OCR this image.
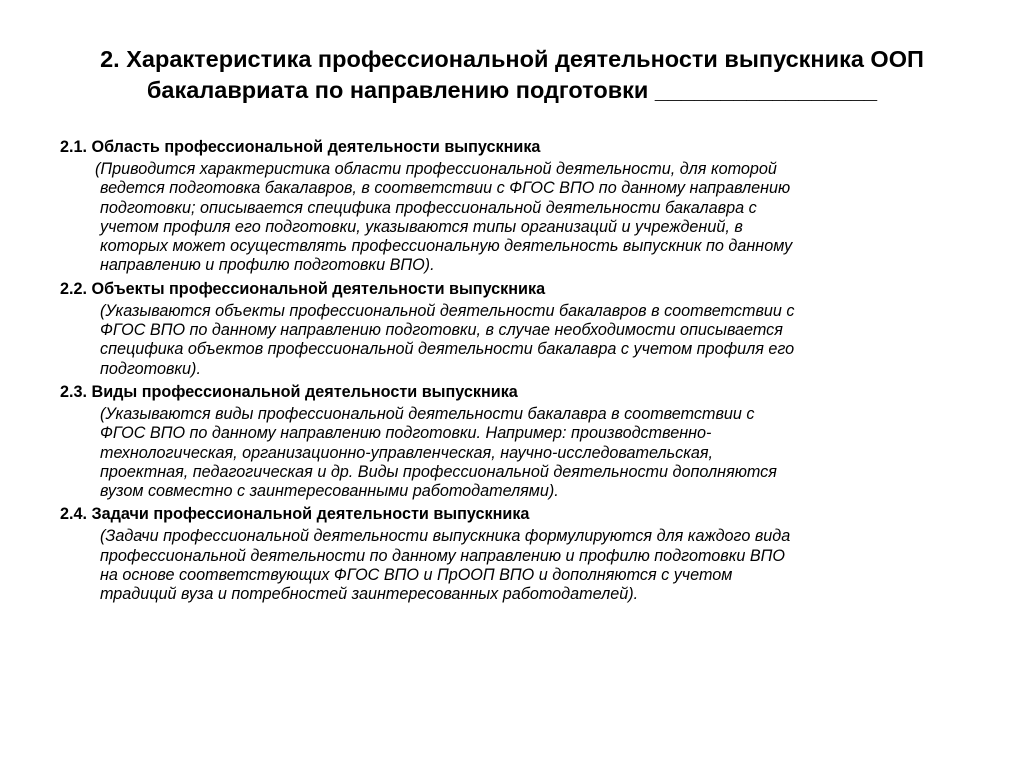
2. Характеристика профессиональной деятельности выпускника ООП
бакалавриата по направлению подготовки _________________

2.1. Область профессиональной деятельности выпускника

(Приводится характеристика области профессиональной деятельности, для которой
ведется подготовка бакалавров, в соответствии с ФГОС ВПО по данному направлению
подготовки; описывается специфика профессиональной деятельности бакалавра с
учетом профиля его подготовки, указываются типы организаций и учреждений, в
которых может осуществлять профессиональную деятельность выпускник по данному
направлению и профилю подготовки ВПО).

2.2. Объекты профессиональной деятельности выпускника

(Указываются объекты профессиональной деятельности бакалавров в соответствии с
ФГОС ВПО по данному направлению подготовки, в случае необходимости описывается
специфика объектов профессиональной деятельности бакалавра с учетом профиля его
подготовки).

2.3. Виды профессиональной деятельности выпускника

(Указываются виды профессиональной деятельности бакалавра в соответствии с
ФГОС ВПО по данному направлению подготовки. Например: производственно-
технологическая, организационно-управленческая, научно-исследовательская,
проектная, педагогическая и др. Виды профессиональной деятельности дополняются
вузом совместно с заинтересованными работодателями).

2.4. Задачи профессиональной деятельности выпускника

(Задачи профессиональной деятельности выпускника формулируются для каждого вида
профессиональной деятельности по данному направлению и профилю подготовки ВПО
на основе соответствующих ФГОС ВПО и ПрООП ВПО и дополняются с учетом
традиций вуза и потребностей заинтересованных работодателей).
